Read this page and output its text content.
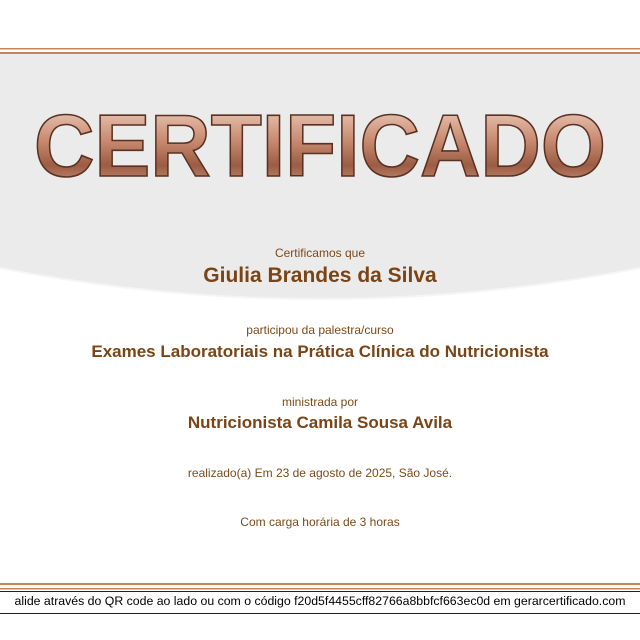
CERTIFICADO
Certificamos que
Giulia Brandes da Silva
participou da palestra/curso
Exames Laboratoriais na Prática Clínica do Nutricionista
ministrada por
Nutricionista Camila Sousa Avila
realizado(a) Em 23 de agosto de 2025, São José.
Com carga horária de 3 horas
alide através do QR code ao lado ou com o código f20d5f4455cff82766a8bbfcf663ec0d em gerarcertificado.com
